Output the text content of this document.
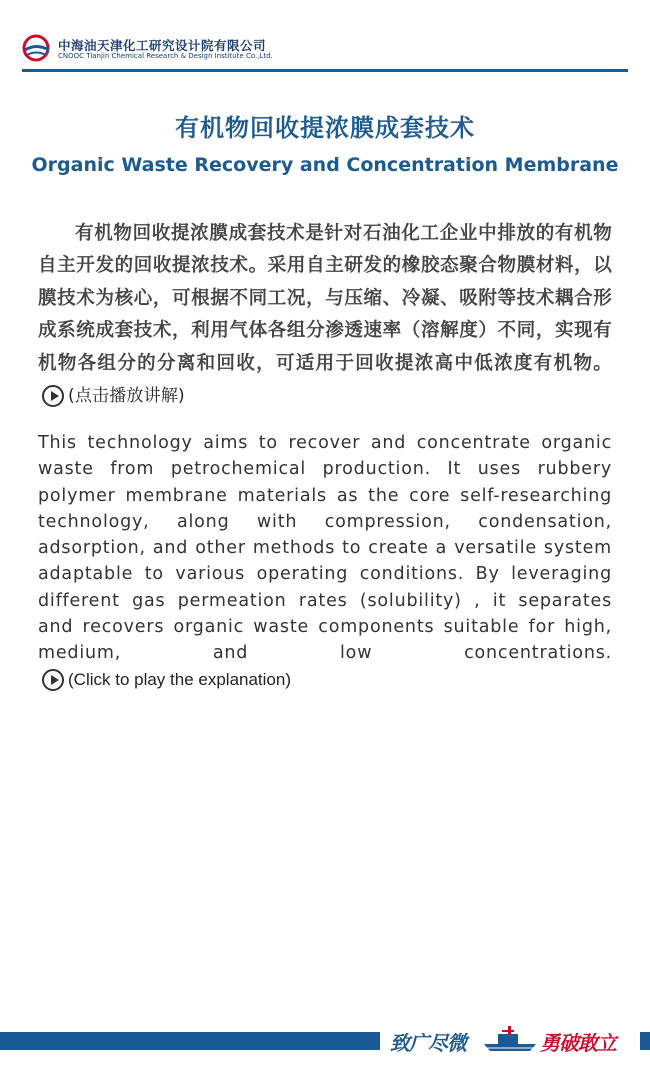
中海油天津化工研究设计院有限公司
CNOOC Tianjin Chemical Research & Design Institute Co.,Ltd.
有机物回收提浓膜成套技术
Organic Waste Recovery and Concentration Membrane
有机物回收提浓膜成套技术是针对石油化工企业中排放的有机物自主开发的回收提浓技术。采用自主研发的橡胶态聚合物膜材料，以膜技术为核心，可根据不同工况，与压缩、冷凝、吸附等技术耦合形成系统成套技术，利用气体各组分渗透速率（溶解度）不同，实现有机物各组分的分离和回收，可适用于回收提浓高中低浓度有机物。
(点击播放讲解)
This technology aims to recover and concentrate organic waste from petrochemical production. It uses rubbery polymer membrane materials as the core self-researching technology, along with compression, condensation, adsorption, and other methods to create a versatile system adaptable to various operating conditions. By leveraging different gas permeation rates (solubility) , it separates and recovers organic waste components suitable for high, medium, and low concentrations.
(Click to play the explanation)
致广尽微	勇破敢立
